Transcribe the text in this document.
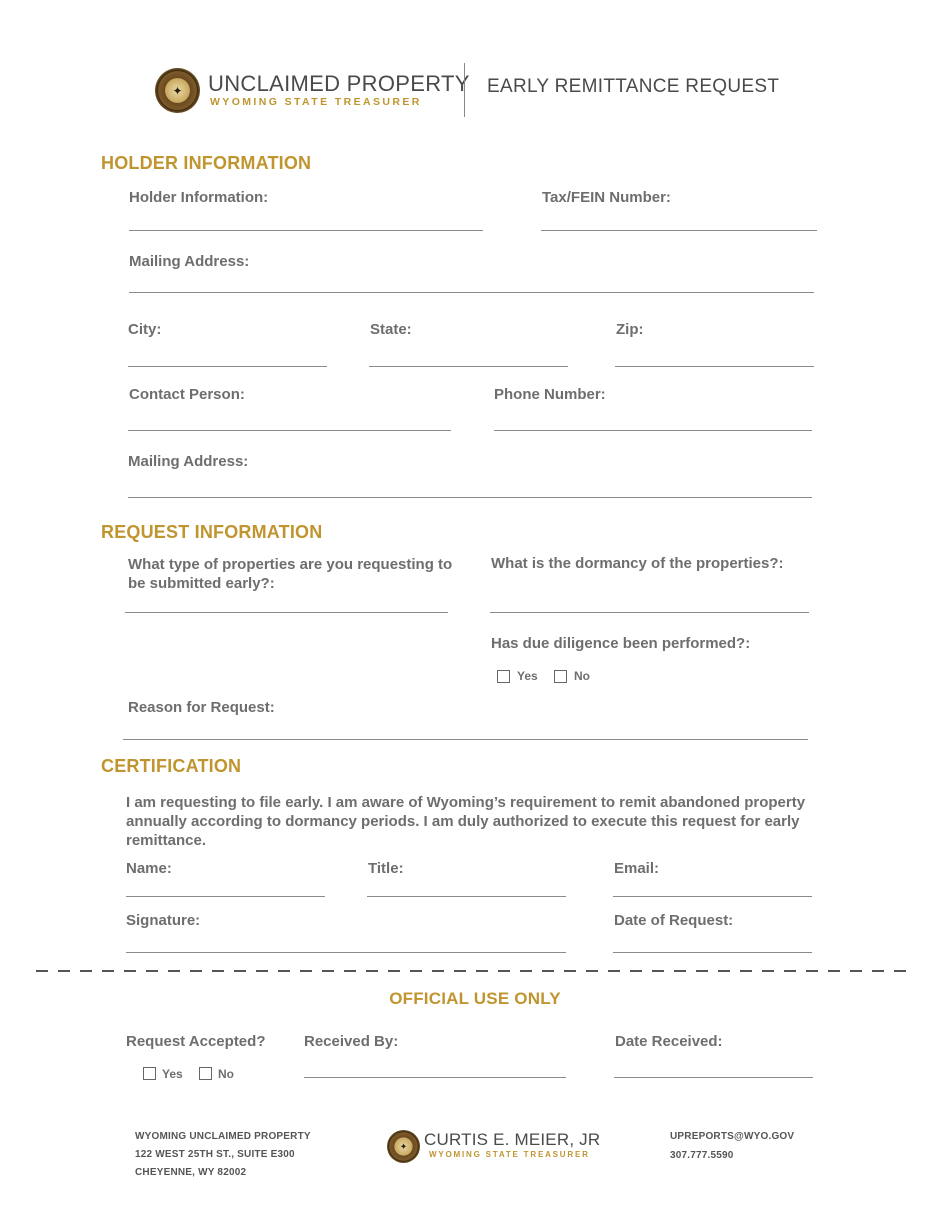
✦	UNCLAIMED PROPERTY
WYOMING STATE TREASURER
EARLY REMITTANCE REQUEST
HOLDER INFORMATION
Holder Information:	Tax/FEIN Number:
Mailing Address:
City:	State:	Zip:
Contact Person:	Phone Number:
Mailing Address:
REQUEST INFORMATION
What type of properties are you requesting to be submitted early?:
What is the dormancy of the properties?:
Has due diligence been performed?:
Yes	No
Reason for Request:
CERTIFICATION
I am requesting to file early. I am aware of Wyoming’s requirement to remit abandoned property annually according to dormancy periods. I am duly authorized to execute this request for early remittance.
Name:	Title:	Email:
Signature:	Date of Request:
OFFICIAL USE ONLY
Request Accepted?
Yes	No
Received By:	Date Received:
WYOMING UNCLAIMED PROPERTY
122 WEST 25TH ST., SUITE E300
CHEYENNE, WY 82002
✦ CURTIS E. MEIER, JR
WYOMING STATE TREASURER
UPREPORTS@WYO.GOV
307.777.5590
